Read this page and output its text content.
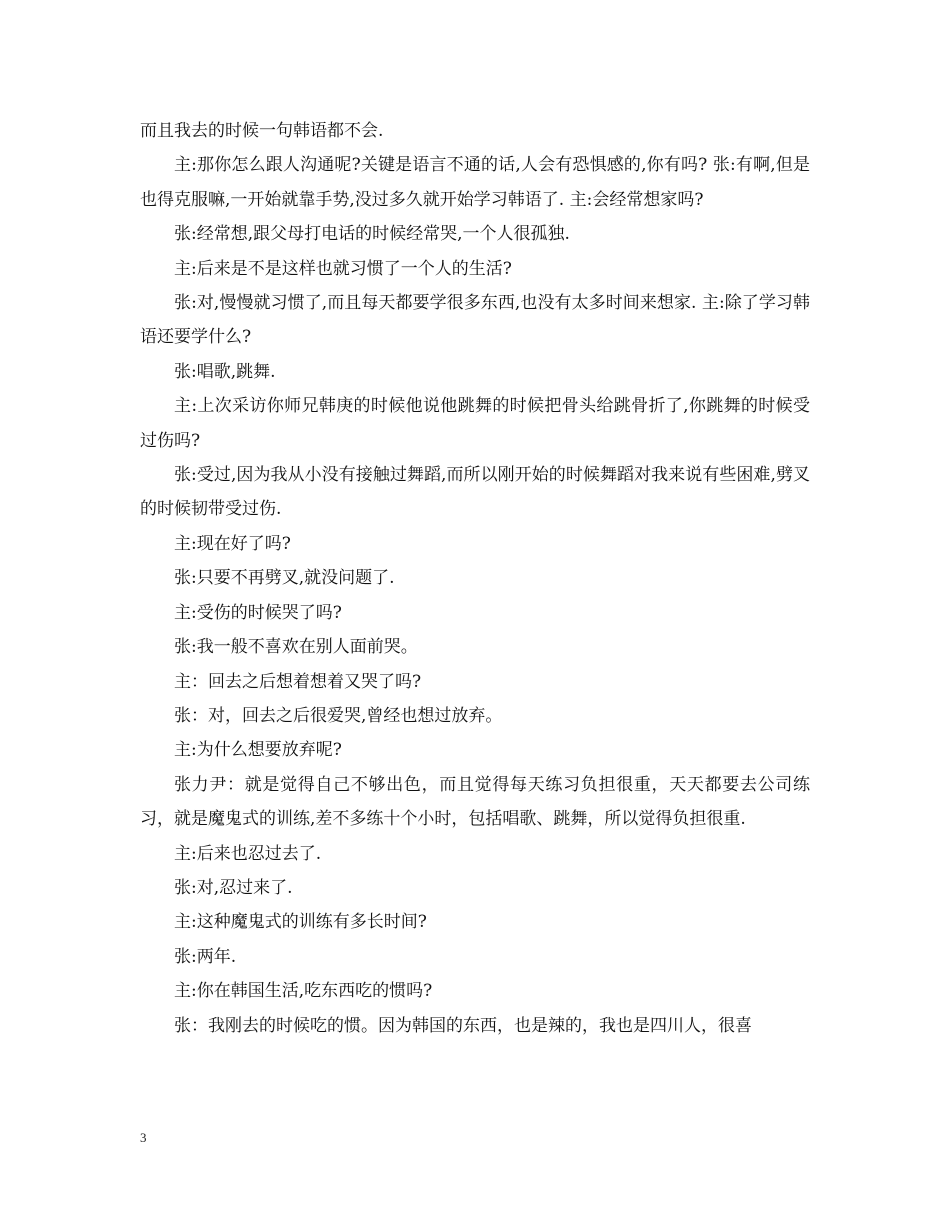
而且我去的时候一句韩语都不会.

主:那你怎么跟人沟通呢?关键是语言不通的话,人会有恐惧感的,你有吗? 张:有啊,但是也得克服嘛,一开始就靠手势,没过多久就开始学习韩语了. 主:会经常想家吗?

张:经常想,跟父母打电话的时候经常哭,一个人很孤独.

主:后来是不是这样也就习惯了一个人的生活?

张:对,慢慢就习惯了,而且每天都要学很多东西,也没有太多时间来想家. 主:除了学习韩语还要学什么?

张:唱歌,跳舞.

主:上次采访你师兄韩庚的时候他说他跳舞的时候把骨头给跳骨折了,你跳舞的时候受过伤吗?

张:受过,因为我从小没有接触过舞蹈,而所以刚开始的时候舞蹈对我来说有些困难,劈叉的时候韧带受过伤.

主:现在好了吗?

张:只要不再劈叉,就没问题了.

主:受伤的时候哭了吗?

张:我一般不喜欢在别人面前哭。

主：回去之后想着想着又哭了吗?

张：对，回去之后很爱哭,曾经也想过放弃。

主:为什么想要放弃呢?

张力尹：就是觉得自己不够出色，而且觉得每天练习负担很重，天天都要去公司练习，就是魔鬼式的训练,差不多练十个小时，包括唱歌、跳舞，所以觉得负担很重.

主:后来也忍过去了.

张:对,忍过来了.

主:这种魔鬼式的训练有多长时间?

张:两年.

主:你在韩国生活,吃东西吃的惯吗?

张：我刚去的时候吃的惯。因为韩国的东西，也是辣的，我也是四川人，很喜

3
